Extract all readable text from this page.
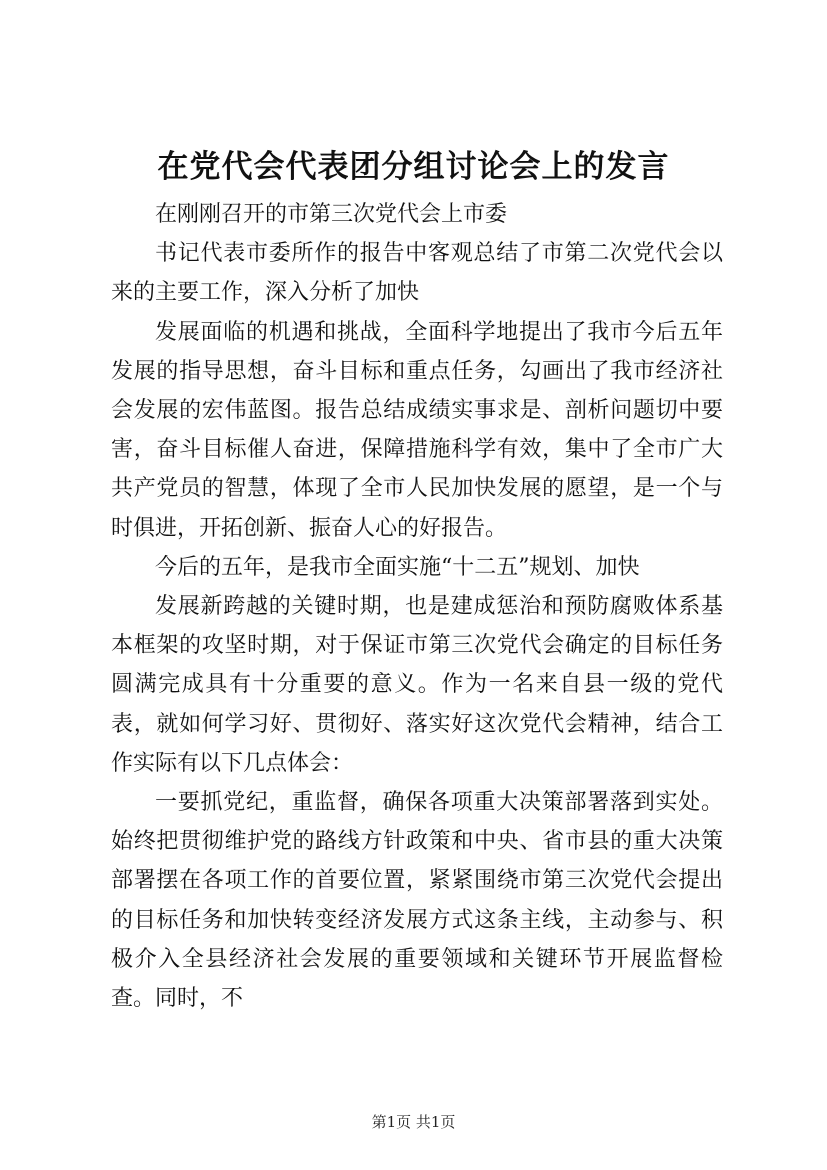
在党代会代表团分组讨论会上的发言

在刚刚召开的市第三次党代会上市委

书记代表市委所作的报告中客观总结了市第二次党代会以来的主要工作，深入分析了加快

发展面临的机遇和挑战，全面科学地提出了我市今后五年发展的指导思想，奋斗目标和重点任务，勾画出了我市经济社会发展的宏伟蓝图。报告总结成绩实事求是、剖析问题切中要害，奋斗目标催人奋进，保障措施科学有效，集中了全市广大共产党员的智慧，体现了全市人民加快发展的愿望，是一个与时俱进，开拓创新、振奋人心的好报告。

今后的五年，是我市全面实施“十二五”规划、加快

发展新跨越的关键时期，也是建成惩治和预防腐败体系基本框架的攻坚时期，对于保证市第三次党代会确定的目标任务圆满完成具有十分重要的意义。作为一名来自县一级的党代表，就如何学习好、贯彻好、落实好这次党代会精神，结合工作实际有以下几点体会：

一要抓党纪，重监督，确保各项重大决策部署落到实处。始终把贯彻维护党的路线方针政策和中央、省市县的重大决策部署摆在各项工作的首要位置，紧紧围绕市第三次党代会提出的目标任务和加快转变经济发展方式这条主线，主动参与、积极介入全县经济社会发展的重要领域和关键环节开展监督检查。同时，不

第1页 共1页
